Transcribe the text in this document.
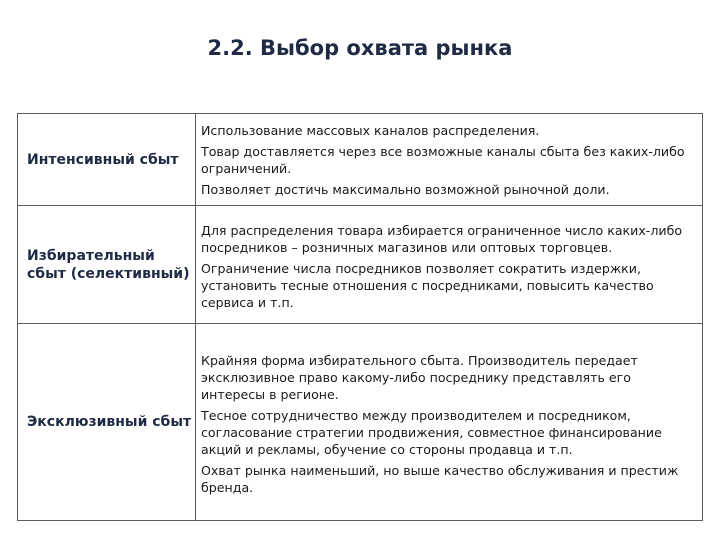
2.2. Выбор охвата рынка
Интенсивный сбыт	Использование массовых каналов распределения.

Товар доставляется через все возможные каналы сбыта без каких-либо ограничений.

Позволяет достичь максимально возможной рыночной доли.

Избирательный сбыт (селективный)	Для распределения товара избирается ограниченное число каких-либо посредников – розничных магазинов или оптовых торговцев.

Ограничение числа посредников позволяет сократить издержки, установить тесные отношения с посредниками, повысить качество сервиса и т.п.

Эксклюзивный сбыт	Крайняя форма избирательного сбыта. Производитель передает эксклюзивное право какому-либо посреднику представлять его интересы в регионе.

Тесное сотрудничество между производителем и посредником, согласование стратегии продвижения, совместное финансирование акций и рекламы, обучение со стороны продавца и т.п.

Охват рынка наименьший, но выше качество обслуживания и престиж бренда.
